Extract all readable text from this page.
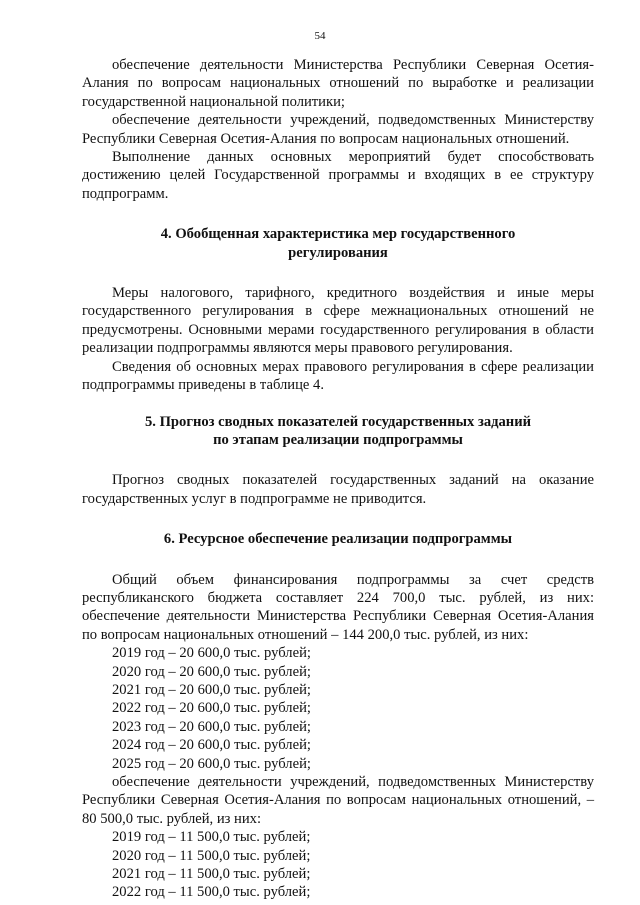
54

обеспечение деятельности Министерства Республики Северная Осетия-Алания по вопросам национальных отношений по выработке и реализации государственной национальной политики;

обеспечение деятельности учреждений, подведомственных Министерству Республики Северная Осетия-Алания по вопросам национальных отношений.

Выполнение данных основных мероприятий будет способствовать достижению целей Государственной программы и входящих в ее структуру подпрограмм.

4. Обобщенная характеристика мер государственного
регулирования

Меры налогового, тарифного, кредитного воздействия и иные меры государственного регулирования в сфере межнациональных отношений не предусмотрены. Основными мерами государственного регулирования в области реализации подпрограммы являются меры правового регулирования.

Сведения об основных мерах правового регулирования в сфере реализации подпрограммы приведены в таблице 4.

5. Прогноз сводных показателей государственных заданий
по этапам реализации подпрограммы

Прогноз сводных показателей государственных заданий на оказание государственных услуг в подпрограмме не приводится.

6. Ресурсное обеспечение реализации подпрограммы

Общий объем финансирования подпрограммы за счет средств республиканского бюджета составляет 224 700,0 тыс. рублей, из них: обеспечение деятельности Министерства Республики Северная Осетия-Алания по вопросам национальных отношений – 144 200,0 тыс. рублей, из них:

2019 год – 20 600,0 тыс. рублей;

2020 год – 20 600,0 тыс. рублей;

2021 год – 20 600,0 тыс. рублей;

2022 год – 20 600,0 тыс. рублей;

2023 год – 20 600,0 тыс. рублей;

2024 год – 20 600,0 тыс. рублей;

2025 год – 20 600,0 тыс. рублей;

обеспечение деятельности учреждений, подведомственных Министерству Республики Северная Осетия-Алания по вопросам национальных отношений, – 80 500,0 тыс. рублей, из них:

2019 год – 11 500,0 тыс. рублей;

2020 год – 11 500,0 тыс. рублей;

2021 год – 11 500,0 тыс. рублей;

2022 год – 11 500,0 тыс. рублей;
